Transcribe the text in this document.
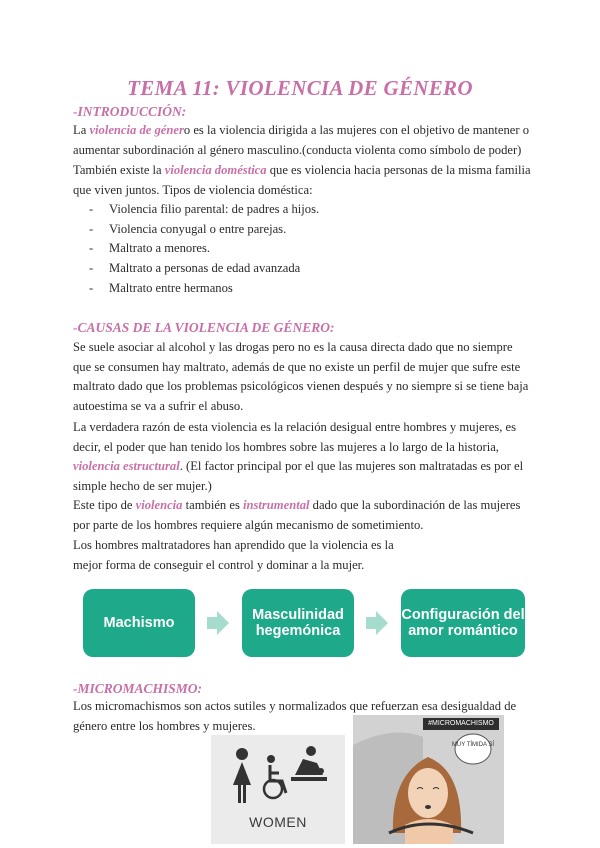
TEMA 11: VIOLENCIA DE GÉNERO
-INTRODUCCIÓN:
La violencia de género es la violencia dirigida a las mujeres con el objetivo de mantener o aumentar subordinación al género masculino.(conducta violenta como símbolo de poder)
También existe la violencia doméstica que es violencia hacia personas de la misma familia que viven juntos. Tipos de violencia doméstica:
- Violencia filio parental: de padres a hijos.
- Violencia conyugal o entre parejas.
- Maltrato a menores.
- Maltrato a personas de edad avanzada
- Maltrato entre hermanos
-CAUSAS DE LA VIOLENCIA DE GÉNERO:
Se suele asociar al alcohol y las drogas pero no es la causa directa dado que no siempre que se consumen hay maltrato, además de que no existe un perfil de mujer que sufre este maltrato dado que los problemas psicológicos vienen después y no siempre si se tiene baja autoestima se va a sufrir el abuso.
La verdadera razón de esta violencia es la relación desigual entre hombres y mujeres, es decir, el poder que han tenido los hombres sobre las mujeres a lo largo de la historia, violencia estructural. (El factor principal por el que las mujeres son maltratadas es por el simple hecho de ser mujer.)
Este tipo de violencia también es instrumental dado que la subordinación de las mujeres por parte de los hombres requiere algún mecanismo de sometimiento.
Los hombres maltratadores han aprendido que la violencia es la
mejor forma de conseguir el control y dominar a la mujer.
Machismo	Masculinidad hegemónica
Configuración del amor romántico
-MICROMACHISMO:
Los micromachismos son actos sutiles y normalizados que refuerzan esa desigualdad de género entre los hombres y mujeres.
WOMEN
MUY TÍMIDA SÍ
#MICROMACHISMO
